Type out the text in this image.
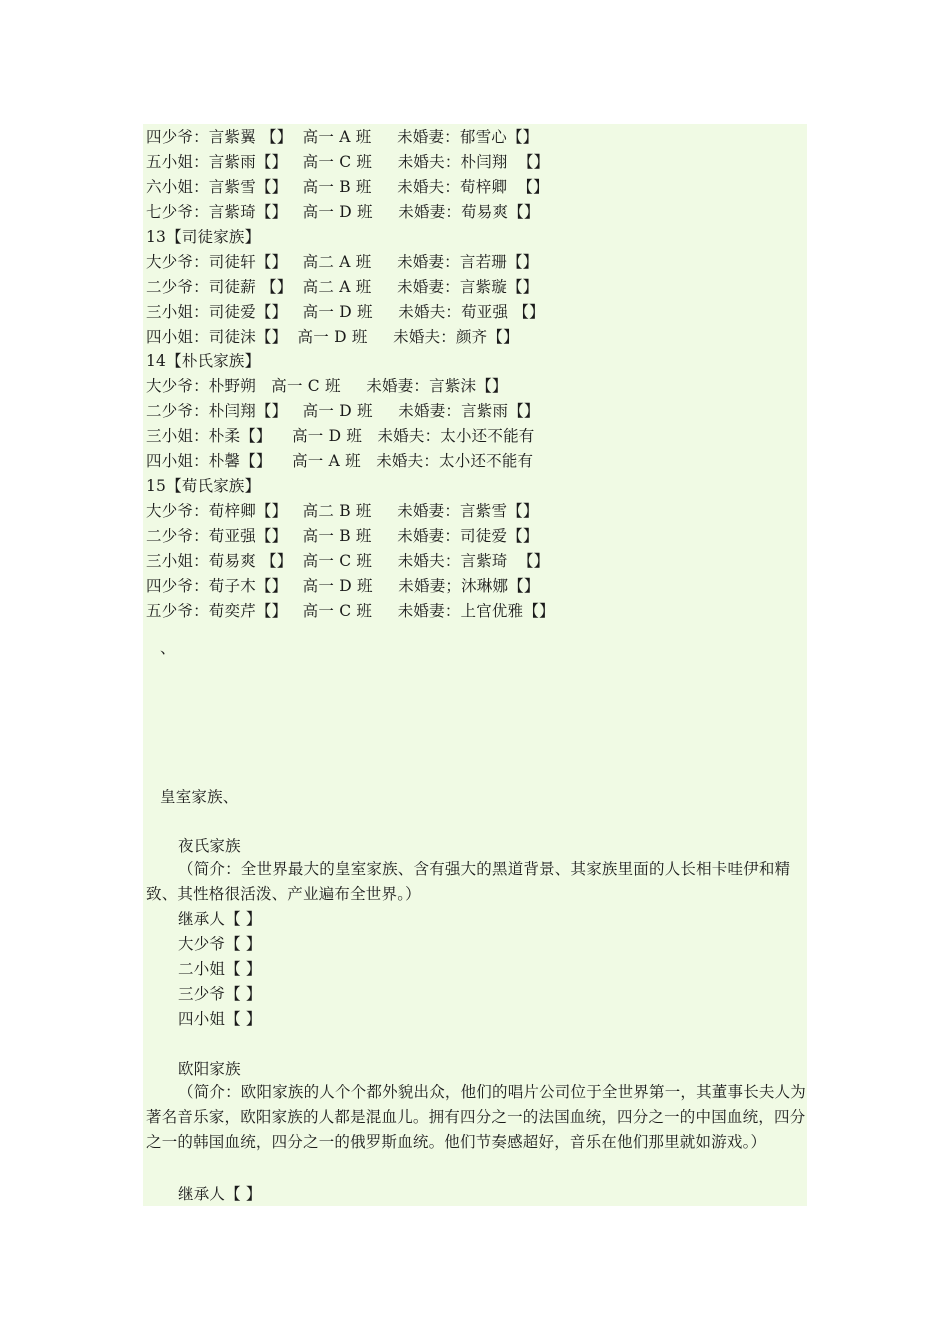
四少爷：言紫翼 【】  高一 A 班     未婚妻：郁雪心【】
五小姐：言紫雨【】   高一 C 班     未婚夫：朴闫翔  【】
六小姐：言紫雪【】   高一 B 班     未婚夫：荀梓卿  【】
七少爷：言紫琦【】   高一 D 班     未婚妻：荀易爽【】
13【司徒家族】
大少爷：司徒轩【】   高二 A 班     未婚妻：言若珊【】
二少爷：司徒薪 【】  高二 A 班     未婚妻：言紫璇【】
三小姐：司徒爱【】   高一 D 班     未婚夫：荀亚强 【】
四小姐：司徒沫【】  高一 D 班     未婚夫：颜齐【】
14【朴氏家族】
大少爷：朴野朔   高一 C 班     未婚妻：言紫沫【】
二少爷：朴闫翔【】   高一 D 班     未婚妻：言紫雨【】
三小姐：朴柔【】    高一 D 班   未婚夫：太小还不能有
四小姐：朴馨【】    高一 A 班   未婚夫：太小还不能有
15【荀氏家族】
大少爷：荀梓卿【】   高二 B 班     未婚妻：言紫雪【】
二少爷：荀亚强【】   高一 B 班     未婚妻：司徒爱【】
三小姐：荀易爽 【】  高一 C 班     未婚夫：言紫琦  【】
四少爷：荀子木【】   高一 D 班     未婚妻；沐琳娜【】
五少爷：荀奕芹【】   高一 C 班     未婚妻：上官优雅【】
、
皇室家族、
夜氏家族
（简介：全世界最大的皇室家族、含有强大的黑道背景、其家族里面的人长相卡哇伊和精致、其性格很活泼、产业遍布全世界。）
继承人【 】
大少爷【 】
二小姐【 】
三少爷【 】
四小姐【 】
欧阳家族
（简介：欧阳家族的人个个都外貌出众，他们的唱片公司位于全世界第一，其董事长夫人为著名音乐家，欧阳家族的人都是混血儿。拥有四分之一的法国血统，四分之一的中国血统，四分之一的韩国血统，四分之一的俄罗斯血统。他们节奏感超好，音乐在他们那里就如游戏。）
继承人【 】
